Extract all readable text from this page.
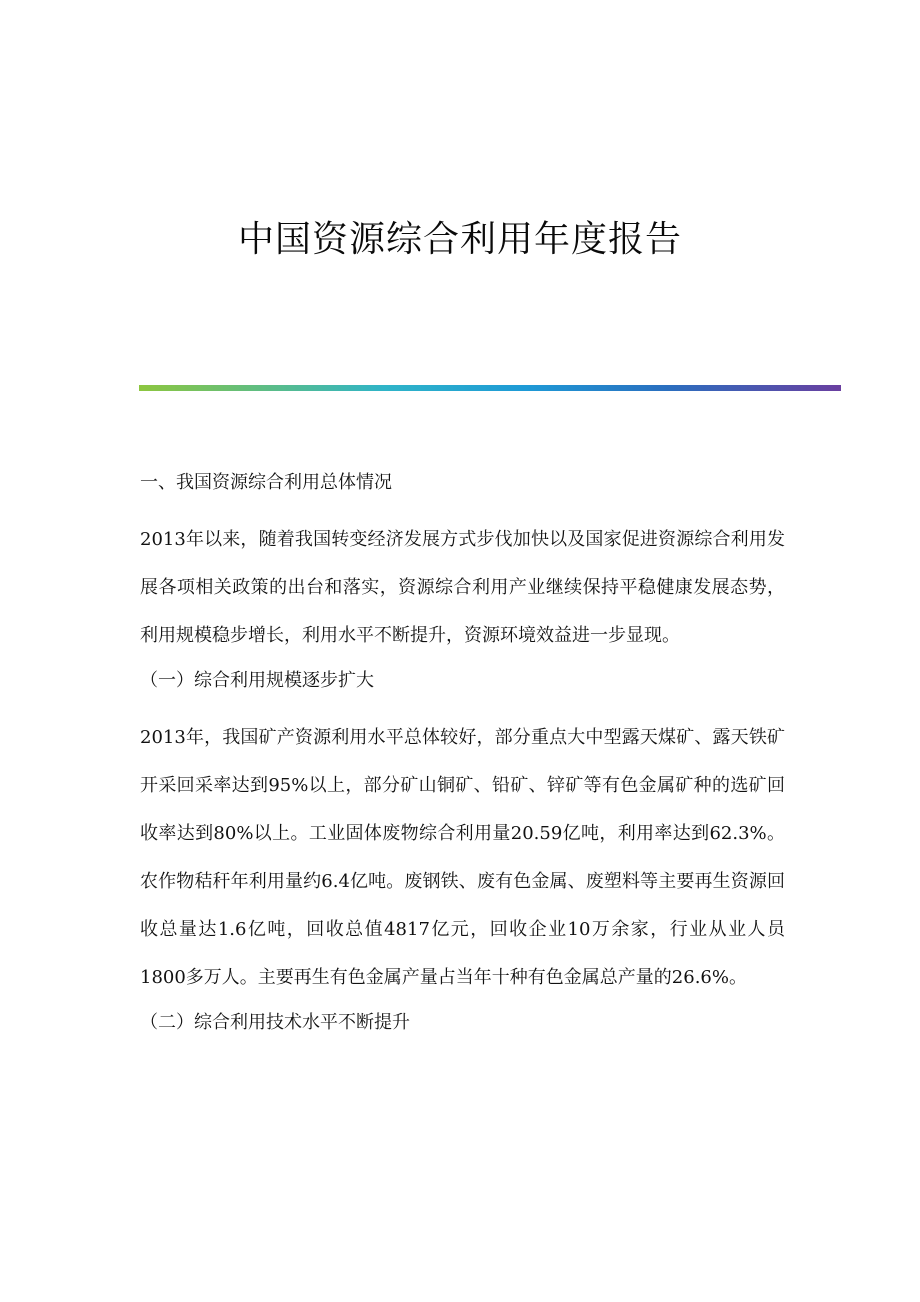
中国资源综合利用年度报告

一、我国资源综合利用总体情况

2013年以来，随着我国转变经济发展方式步伐加快以及国家促进资源综合利用发展各项相关政策的出台和落实，资源综合利用产业继续保持平稳健康发展态势，利用规模稳步增长，利用水平不断提升，资源环境效益进一步显现。

（一）综合利用规模逐步扩大

2013年，我国矿产资源利用水平总体较好，部分重点大中型露天煤矿、露天铁矿开采回采率达到95%以上，部分矿山铜矿、铅矿、锌矿等有色金属矿种的选矿回收率达到80%以上。工业固体废物综合利用量20.59亿吨，利用率达到62.3%。农作物秸秆年利用量约6.4亿吨。废钢铁、废有色金属、废塑料等主要再生资源回收总量达1.6亿吨，回收总值4817亿元，回收企业10万余家，行业从业人员1800多万人。主要再生有色金属产量占当年十种有色金属总产量的26.6%。

（二）综合利用技术水平不断提升
